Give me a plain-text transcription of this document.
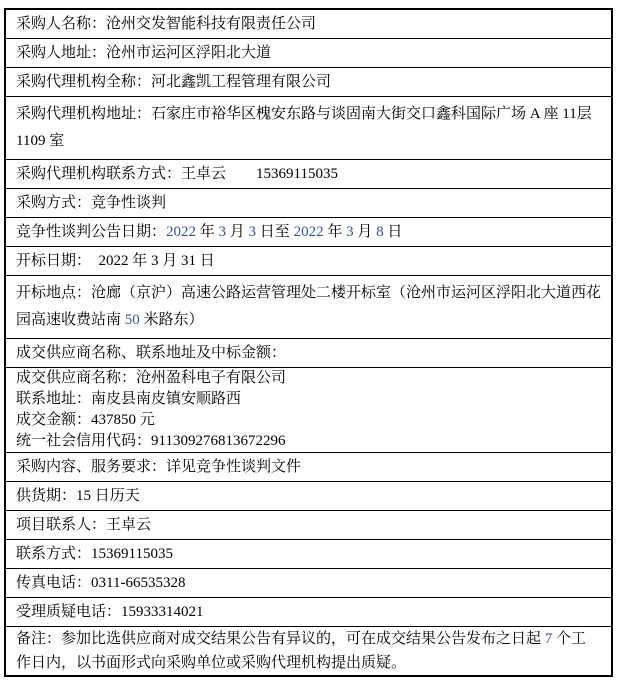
采购人名称：沧州交发智能科技有限责任公司
采购人地址：沧州市运河区浮阳北大道
采购代理机构全称：河北鑫凯工程管理有限公司
采购代理机构地址：石家庄市裕华区槐安东路与谈固南大街交口鑫科国际广场 A 座 11层 1109 室
采购代理机构联系方式：王卓云　　15369115035
采购方式：竞争性谈判
竞争性谈判公告日期：2022 年 3 月 3 日至 2022 年 3 月 8 日
开标日期：　2022 年 3 月 31 日
开标地点：沧廊（京沪）高速公路运营管理处二楼开标室（沧州市运河区浮阳北大道西花园高速收费站南 50 米路东）
成交供应商名称、联系地址及中标金额：
成交供应商名称：沧州盈科电子有限公司
联系地址：南皮县南皮镇安顺路西
成交金额：437850 元
统一社会信用代码：911309276813672296
采购内容、服务要求：详见竞争性谈判文件
供货期：15 日历天
项目联系人：王卓云
联系方式：15369115035
传真电话：0311-66535328
受理质疑电话：15933314021
备注：参加比选供应商对成交结果公告有异议的，可在成交结果公告发布之日起 7 个工作日内，以书面形式向采购单位或采购代理机构提出质疑。
